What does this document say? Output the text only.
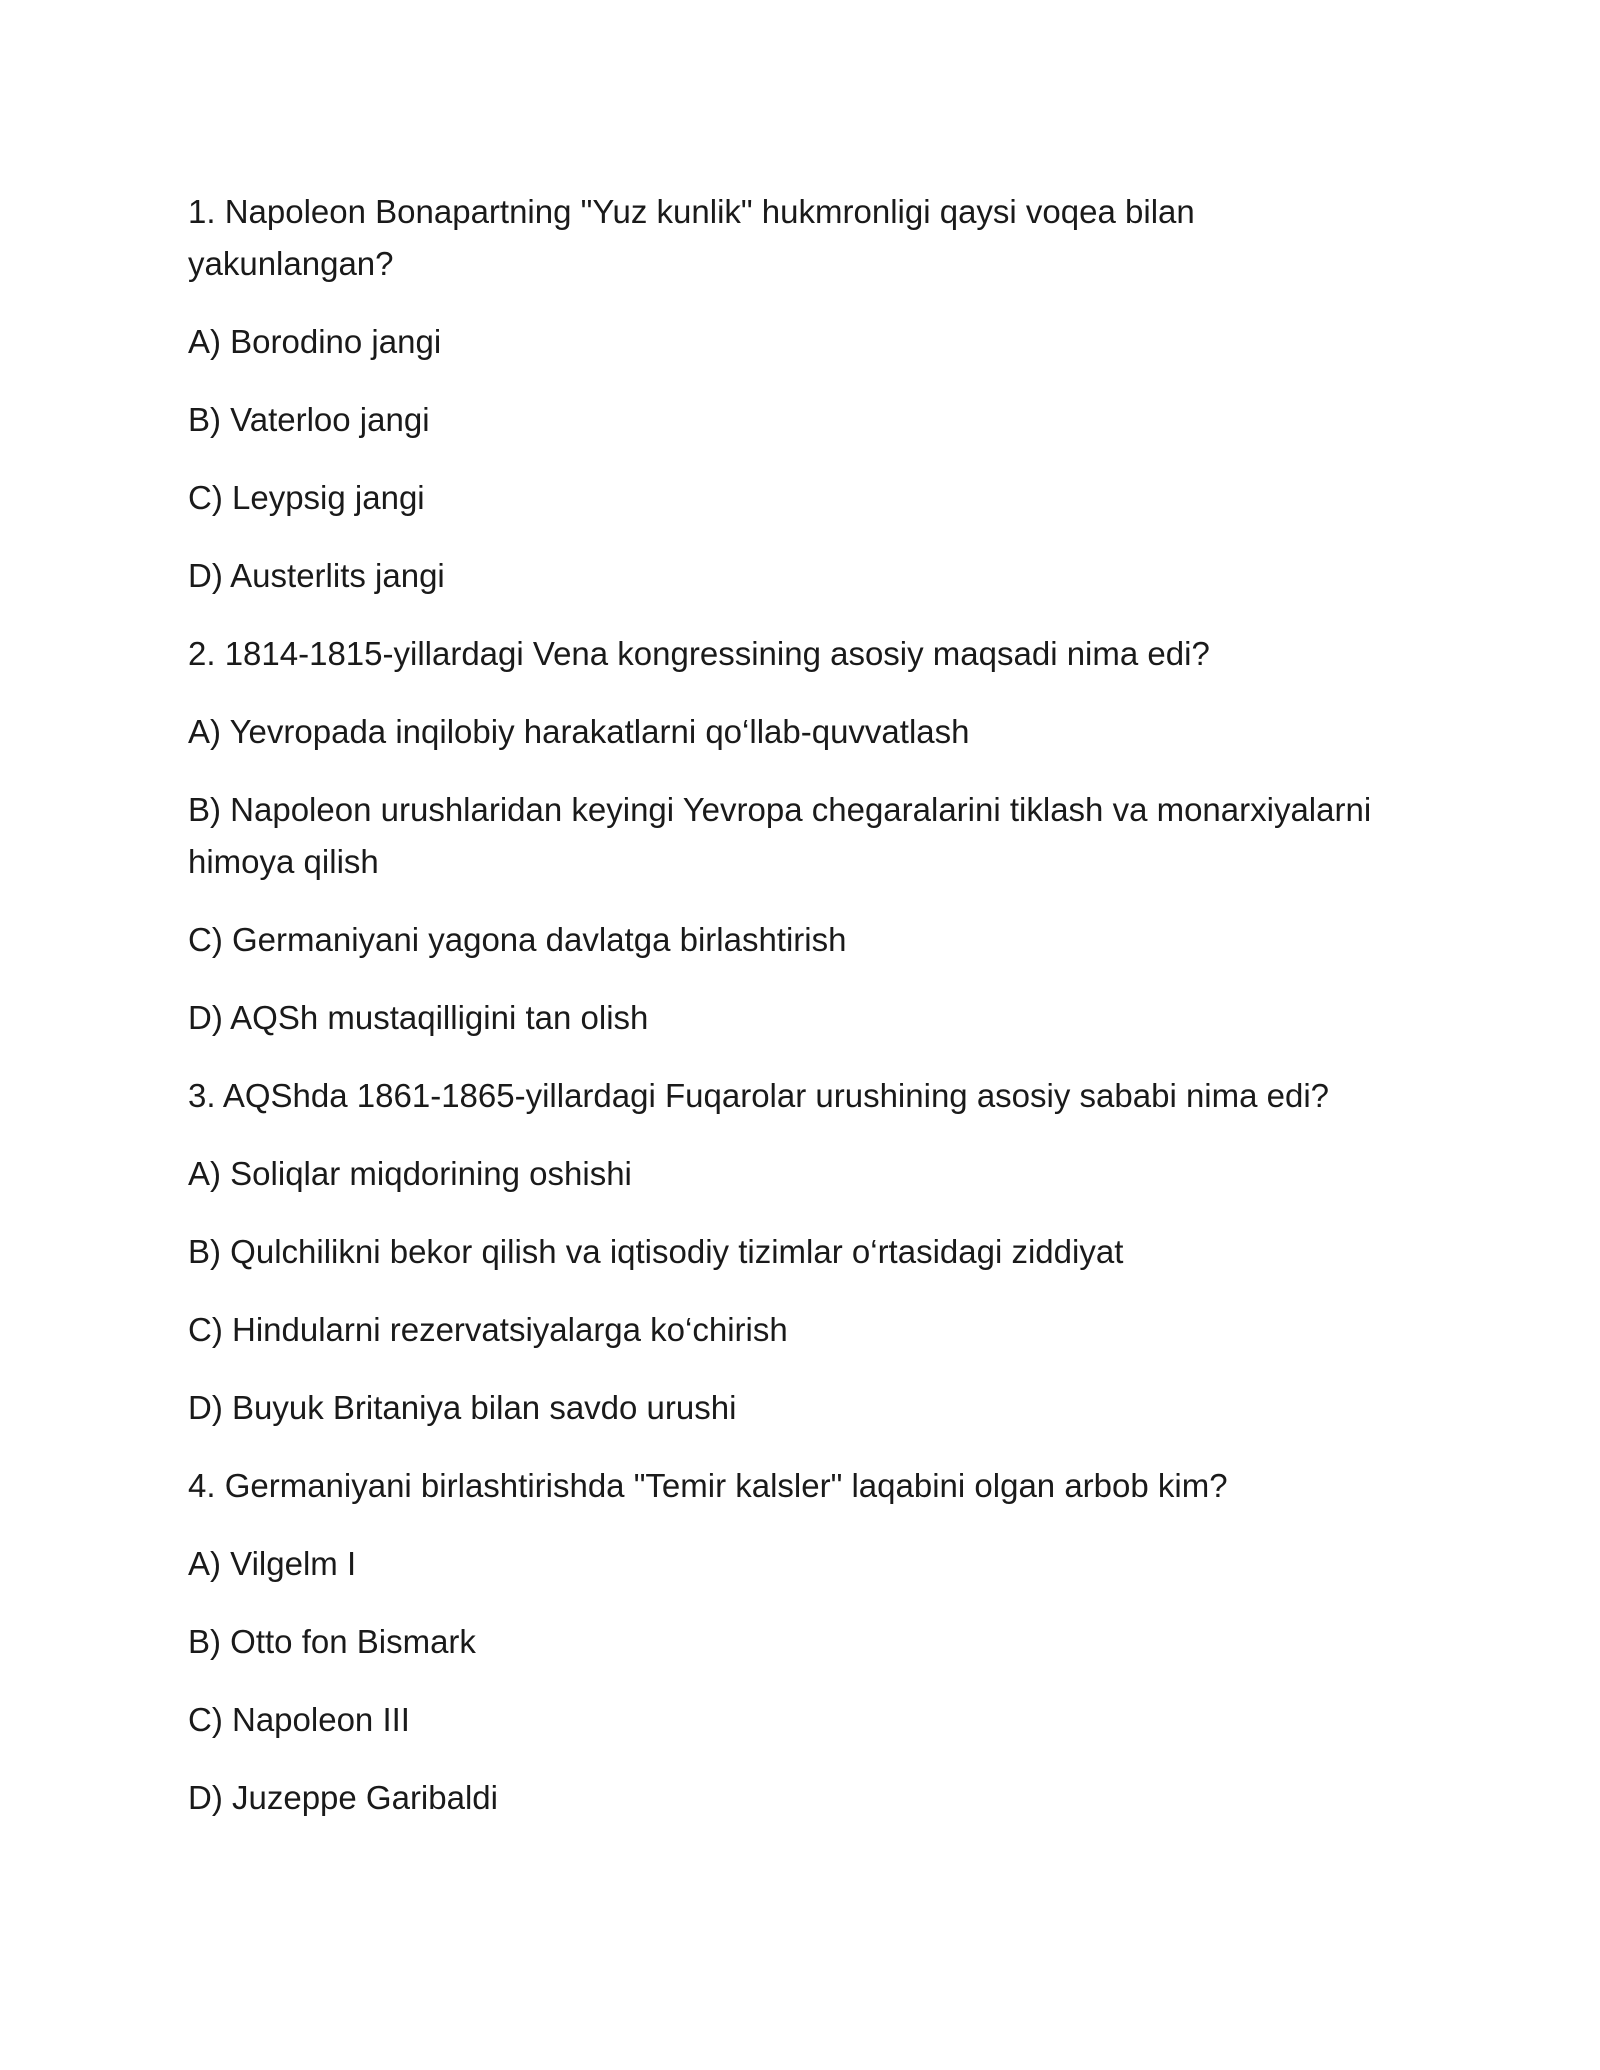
1. Napoleon Bonapartning "Yuz kunlik" hukmronligi qaysi voqea bilan yakunlangan?

A) Borodino jangi

B) Vaterloo jangi

C) Leypsig jangi

D) Austerlits jangi

2. 1814-1815-yillardagi Vena kongressining asosiy maqsadi nima edi?

A) Yevropada inqilobiy harakatlarni qo‘llab-quvvatlash

B) Napoleon urushlaridan keyingi Yevropa chegaralarini tiklash va monarxiyalarni himoya qilish

C) Germaniyani yagona davlatga birlashtirish

D) AQSh mustaqilligini tan olish

3. AQShda 1861-1865-yillardagi Fuqarolar urushining asosiy sababi nima edi?

A) Soliqlar miqdorining oshishi

B) Qulchilikni bekor qilish va iqtisodiy tizimlar o‘rtasidagi ziddiyat

C) Hindularni rezervatsiyalarga ko‘chirish

D) Buyuk Britaniya bilan savdo urushi

4. Germaniyani birlashtirishda "Temir kalsler" laqabini olgan arbob kim?

A) Vilgelm I

B) Otto fon Bismark

C) Napoleon III

D) Juzeppe Garibaldi
